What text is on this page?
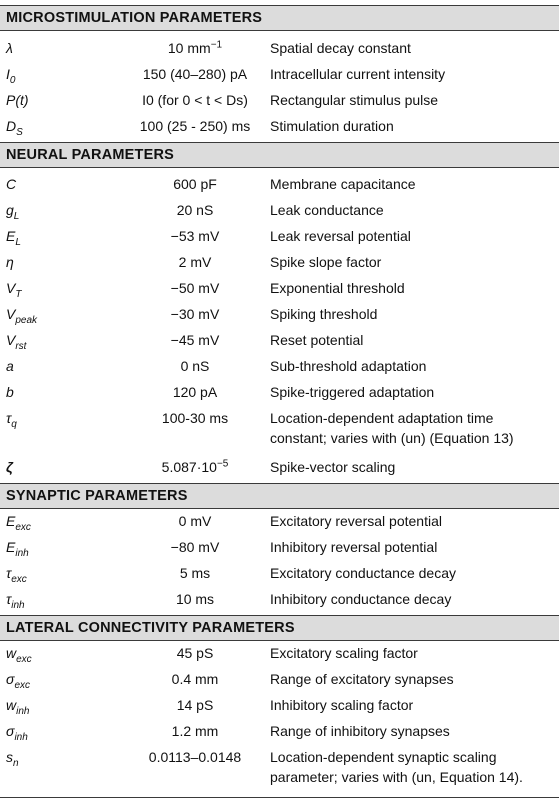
MICROSTIMULATION PARAMETERS
λ	10 $mm^{-1}$	Spatial decay constant
$I_0$	150 (40–280) pA	Intracellular current intensity
P(t)	I0 (for 0 < t < Ds)	Rectangular stimulus pulse
$D_S$	100 (25 - 250) ms	Stimulation duration
NEURAL PARAMETERS
C	600 pF	Membrane capacitance
$g_L$	20 nS	Leak conductance
$E_L$	−53 mV	Leak reversal potential
η	2 mV	Spike slope factor
$V_T$	−50 mV	Exponential threshold
$V_{peak}$	−30 mV	Spiking threshold
$V_{rst}$	−45 mV	Reset potential
a	0 nS	Sub-threshold adaptation
b	120 pA	Spike-triggered adaptation
$\tau_q$	100-30 ms	Location-dependent adaptation time
constant; varies with (un) (Equation 13)
ζ	$5.087\cdot 10^{-5}$	Spike-vector scaling
SYNAPTIC PARAMETERS
$E_{exc}$	0 mV	Excitatory reversal potential
$E_{inh}$	−80 mV	Inhibitory reversal potential
$\tau_{exc}$	5 ms	Excitatory conductance decay
$\tau_{inh}$	10 ms	Inhibitory conductance decay
LATERAL CONNECTIVITY PARAMETERS
$w_{exc}$	45 pS	Excitatory scaling factor
$\sigma_{exc}$	0.4 mm	Range of excitatory synapses
$w_{inh}$	14 pS	Inhibitory scaling factor
$\sigma_{inh}$	1.2 mm	Range of inhibitory synapses
$s_n$	0.0113–0.0148	Location-dependent synaptic scaling
parameter; varies with (un, Equation 14).
